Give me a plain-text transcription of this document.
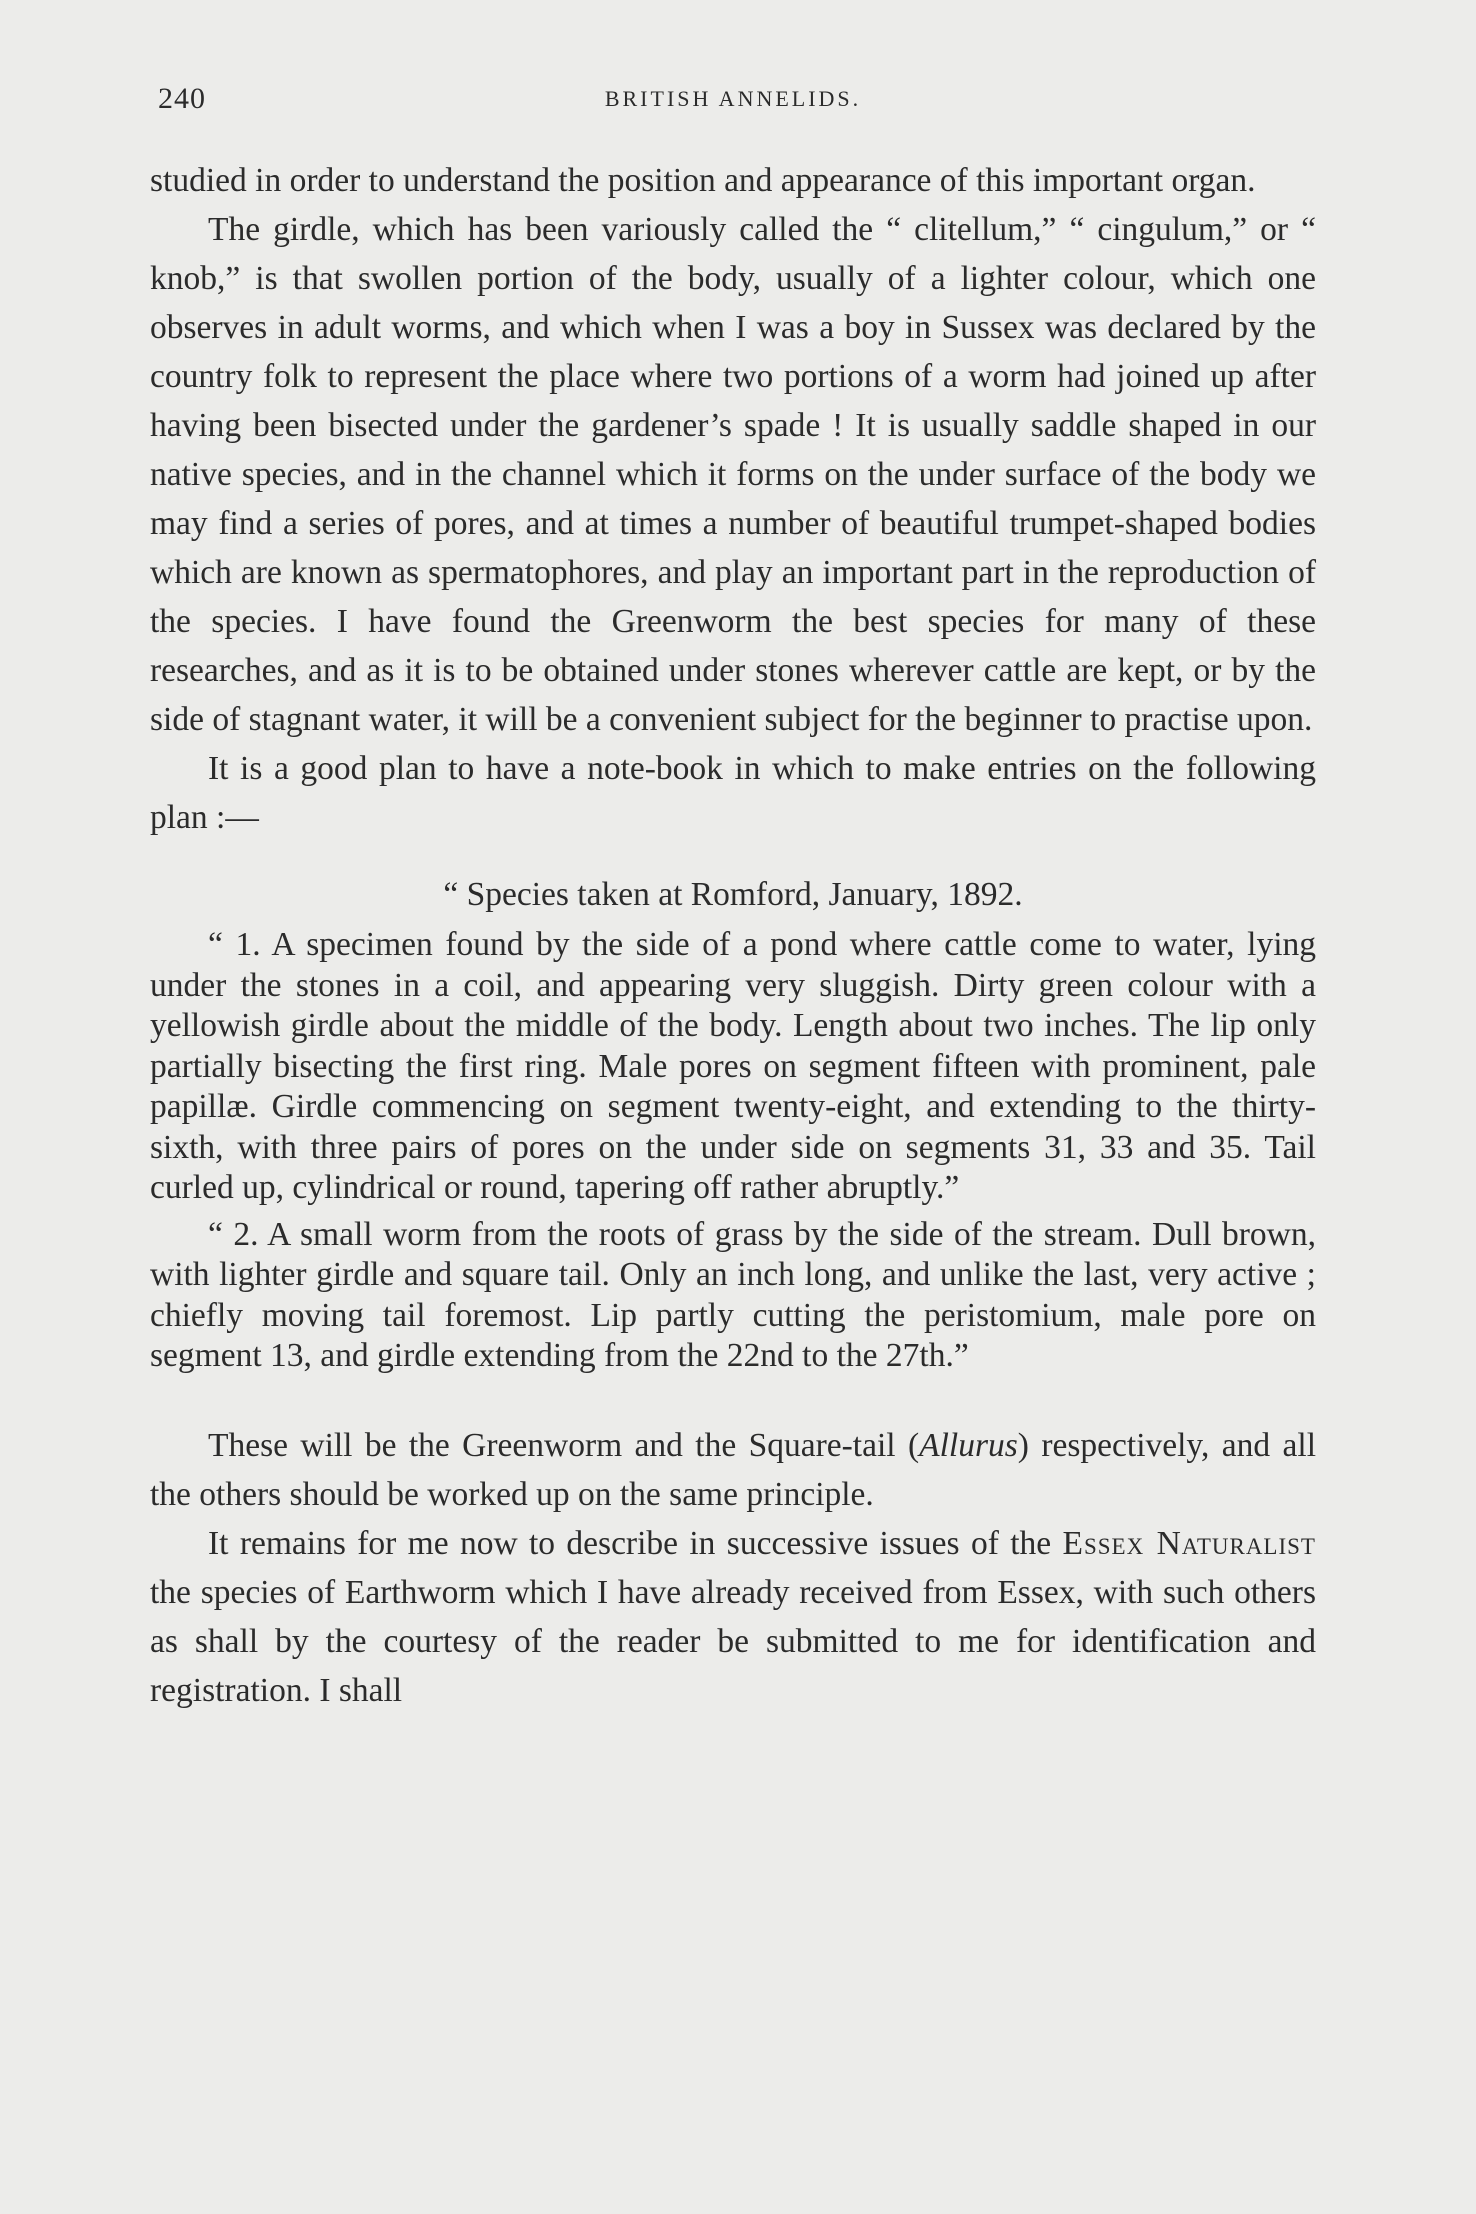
240	BRITISH ANNELIDS.

studied in order to understand the position and appearance of this important organ.

The girdle, which has been variously called the “ clitellum,” “ cingulum,” or “ knob,” is that swollen portion of the body, usually of a lighter colour, which one observes in adult worms, and which when I was a boy in Sussex was declared by the country folk to represent the place where two portions of a worm had joined up after having been bisected under the gardener’s spade ! It is usually saddle shaped in our native species, and in the channel which it forms on the under surface of the body we may find a series of pores, and at times a number of beautiful trumpet-shaped bodies which are known as spermatophores, and play an important part in the reproduction of the species. I have found the Greenworm the best species for many of these researches, and as it is to be obtained under stones wherever cattle are kept, or by the side of stagnant water, it will be a convenient subject for the beginner to practise upon.

It is a good plan to have a note-book in which to make entries on the following plan :—

“ Species taken at Romford, January, 1892.

“ 1. A specimen found by the side of a pond where cattle come to water, lying under the stones in a coil, and appearing very sluggish. Dirty green colour with a yellowish girdle about the middle of the body. Length about two inches. The lip only partially bisecting the first ring. Male pores on segment fifteen with prominent, pale papillæ. Girdle commencing on segment twenty-eight, and extending to the thirty-sixth, with three pairs of pores on the under side on segments 31, 33 and 35. Tail curled up, cylindrical or round, tapering off rather abruptly.”

“ 2. A small worm from the roots of grass by the side of the stream. Dull brown, with lighter girdle and square tail. Only an inch long, and unlike the last, very active ; chiefly moving tail foremost. Lip partly cutting the peristomium, male pore on segment 13, and girdle extending from the 22nd to the 27th.”

These will be the Greenworm and the Square-tail (Allurus) respectively, and all the others should be worked up on the same principle.

It remains for me now to describe in successive issues of the Essex Naturalist the species of Earthworm which I have already received from Essex, with such others as shall by the courtesy of the reader be submitted to me for identification and registration. I shall
